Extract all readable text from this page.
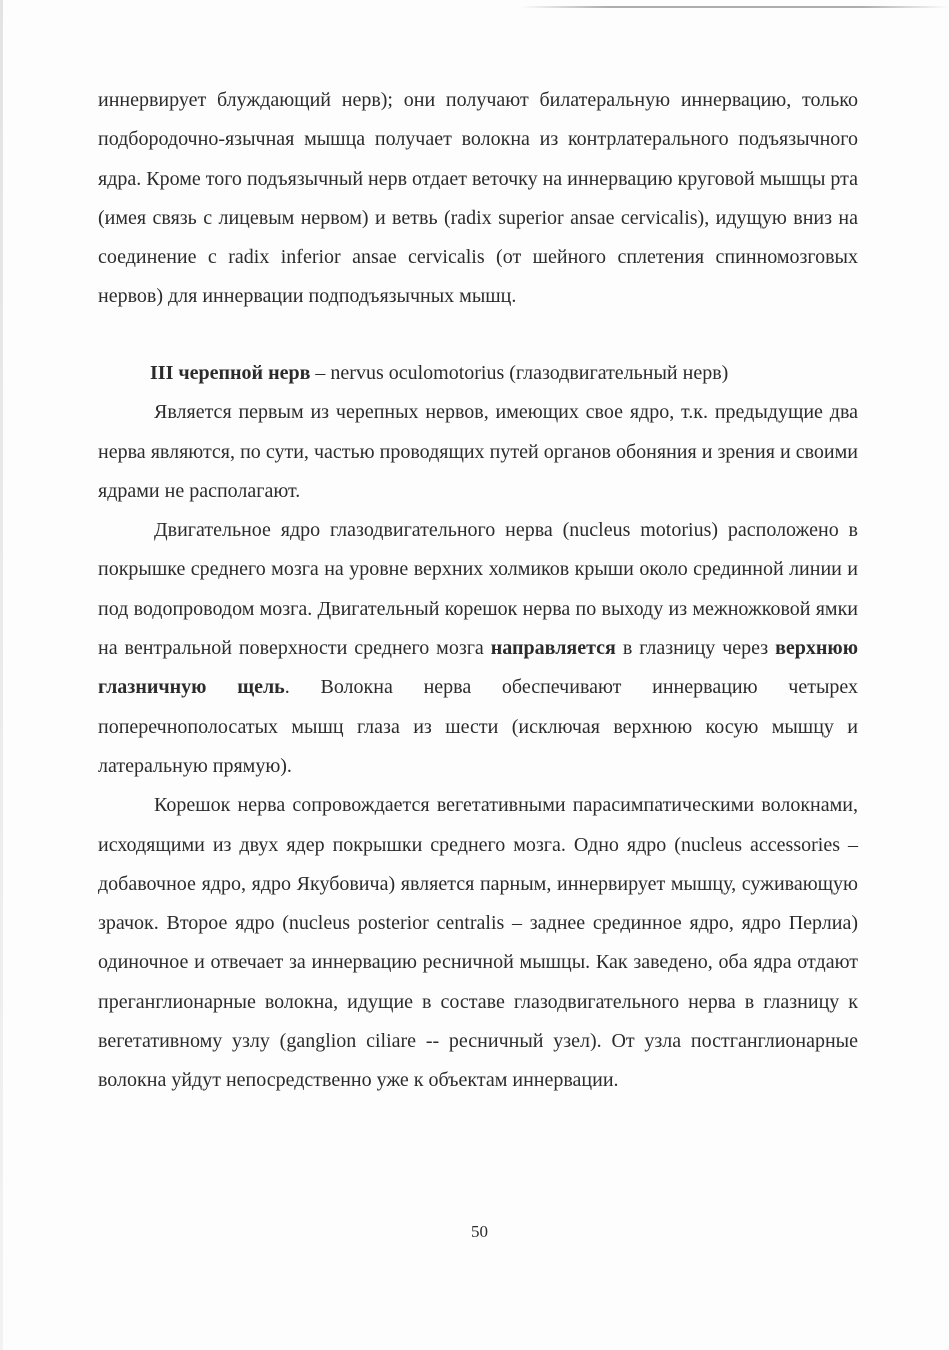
иннервирует блуждающий нерв); они получают билатеральную иннервацию, только подбородочно-язычная мышца получает волокна из контрлатерального подъязычного ядра. Кроме того подъязычный нерв отдает веточку на иннервацию круговой мышцы рта (имея связь с лицевым нервом) и ветвь (radix superior ansae cervicalis), идущую вниз на соединение с radix inferior ansae cervicalis (от шейного сплетения спинномозговых нервов) для иннервации подподъязычных мышц.

III черепной нерв – nervus oculomotorius (глазодвигательный нерв)

Является первым из черепных нервов, имеющих свое ядро, т.к. предыдущие два нерва являются, по сути, частью проводящих путей органов обоняния и зрения и своими ядрами не располагают.

Двигательное ядро глазодвигательного нерва (nucleus motorius) расположено в покрышке среднего мозга на уровне верхних холмиков крыши около срединной линии и под водопроводом мозга. Двигательный корешок нерва по выходу из межножковой ямки на вентральной поверхности среднего мозга направляется в глазницу через верхнюю глазничную щель. Волокна нерва обеспечивают иннервацию четырех поперечнополосатых мышц глаза из шести (исключая верхнюю косую мышцу и латеральную прямую).

Корешок нерва сопровождается вегетативными парасимпатическими волокнами, исходящими из двух ядер покрышки среднего мозга. Одно ядро (nucleus accessories – добавочное ядро, ядро Якубовича) является парным, иннервирует мышцу, суживающую зрачок. Второе ядро (nucleus posterior centralis – заднее срединное ядро, ядро Перлиа) одиночное и отвечает за иннервацию ресничной мышцы. Как заведено, оба ядра отдают преганглионарные волокна, идущие в составе глазодвигательного нерва в глазницу к вегетативному узлу (ganglion ciliare -- ресничный узел). От узла постганглионарные волокна уйдут непосредственно уже к объектам иннервации.

50
